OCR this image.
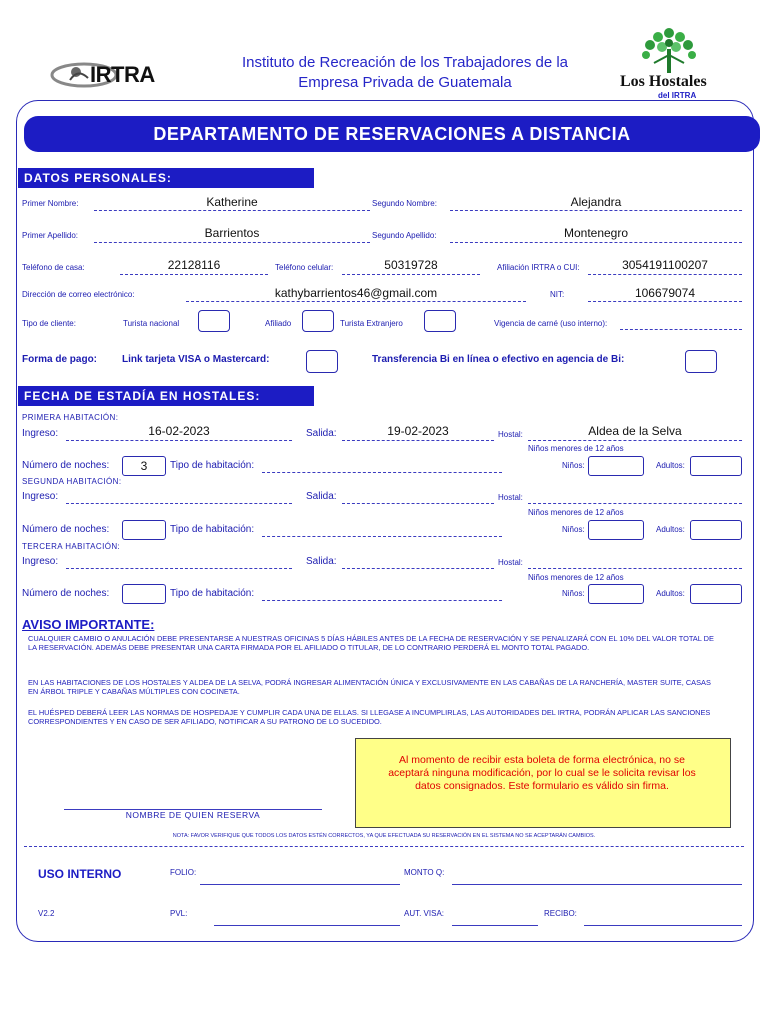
IRTRA	Instituto de Recreación de los Trabajadores de la
Empresa Privada de Guatemala	Los Hostales
del IRTRA
DEPARTAMENTO DE RESERVACIONES A DISTANCIA
DATOS PERSONALES:
Primer Nombre:	Katherine	Segundo Nombre:	Alejandra
Primer Apellido:	Barrientos	Segundo Apellido:	Montenegro
Teléfono de casa:	22128116	Teléfono celular:	50319728	Afiliación IRTRA o CUI:	3054191100207
Dirección de correo electrónico:	kathybarrientos46@gmail.com	NIT:	106679074
Tipo de cliente:	Turista nacional	Afiliado	Turista Extranjero	Vigencia de carné (uso interno):
Forma de pago: Link tarjeta VISA o Mastercard:	Transferencia Bi en línea o efectivo en agencia de Bi:
FECHA DE ESTADÍA EN HOSTALES:
PRIMERA HABITACIÓN:
Ingreso:	16-02-2023	Salida:	19-02-2023	Hostal:	Aldea de la Selva
Niños menores de 12 años
Número de noches:	3	Tipo de habitación:	Niños:	Adultos:
SEGUNDA HABITACIÓN:
Ingreso:	Salida:	Hostal:
Niños menores de 12 años
Número de noches:	Tipo de habitación:	Niños:	Adultos:
TERCERA HABITACIÓN:
Ingreso:	Salida:	Hostal:
Niños menores de 12 años
Número de noches:	Tipo de habitación:	Niños:	Adultos:
AVISO IMPORTANTE:
CUALQUIER CAMBIO O ANULACIÓN DEBE PRESENTARSE A NUESTRAS OFICINAS 5 DÍAS HÁBILES ANTES DE LA FECHA DE RESERVACIÓN Y SE PENALIZARÁ CON EL 10% DEL VALOR TOTAL DE LA RESERVACIÓN. ADEMÁS DEBE PRESENTAR UNA CARTA FIRMADA POR EL AFILIADO O TITULAR, DE LO CONTRARIO PERDERÁ EL MONTO TOTAL PAGADO.
EN LAS HABITACIONES DE LOS HOSTALES Y ALDEA DE LA SELVA, PODRÁ INGRESAR ALIMENTACIÓN ÚNICA Y EXCLUSIVAMENTE EN LAS CABAÑAS DE LA RANCHERÍA, MASTER SUITE, CASAS EN ÁRBOL TRIPLE Y CABAÑAS MÚLTIPLES CON COCINETA.
EL HUÉSPED DEBERÁ LEER LAS NORMAS DE HOSPEDAJE Y CUMPLIR CADA UNA DE ELLAS. SI LLEGASE A INCUMPLIRLAS, LAS AUTORIDADES DEL IRTRA, PODRÁN APLICAR LAS SANCIONES CORRESPONDIENTES Y EN CASO DE SER AFILIADO, NOTIFICAR A SU PATRONO DE LO SUCEDIDO.
Al momento de recibir esta boleta de forma electrónica, no se aceptará ninguna modificación, por lo cual se le solicita revisar los datos consignados. Este formulario es válido sin firma.
NOMBRE DE QUIEN RESERVA
NOTA: FAVOR VERIFIQUE QUE TODOS LOS DATOS ESTÉN CORRECTOS, YA QUE EFECTUADA SU RESERVACIÓN EN EL SISTEMA NO SE ACEPTARÁN CAMBIOS.
USO INTERNO	FOLIO:	MONTO Q:
V2.2	PVL:	AUT. VISA:	RECIBO:
